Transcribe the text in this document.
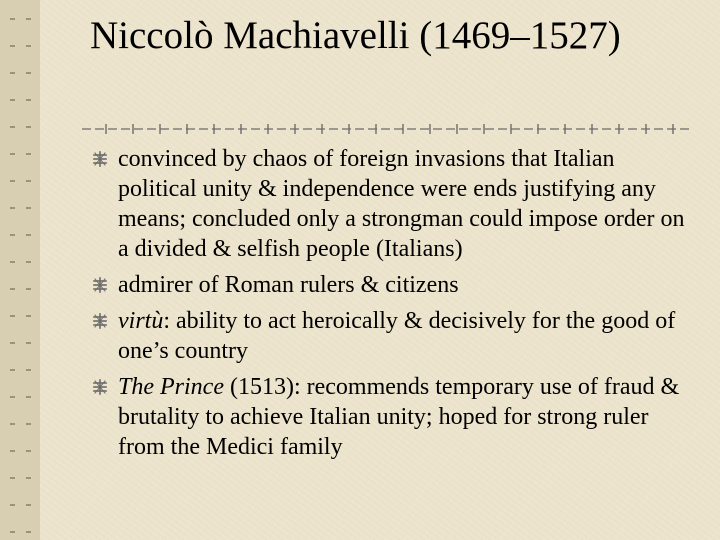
Niccolò Machiavelli (1469–1527)
convinced by chaos of foreign invasions that Italian political unity & independence were ends justifying any means; concluded only a strongman could impose order on a divided & selfish people (Italians)
admirer of Roman rulers & citizens
virtù: ability to act heroically & decisively for the good of one’s country
The Prince (1513): recommends temporary use of fraud & brutality to achieve Italian unity; hoped for strong ruler from the Medici family
